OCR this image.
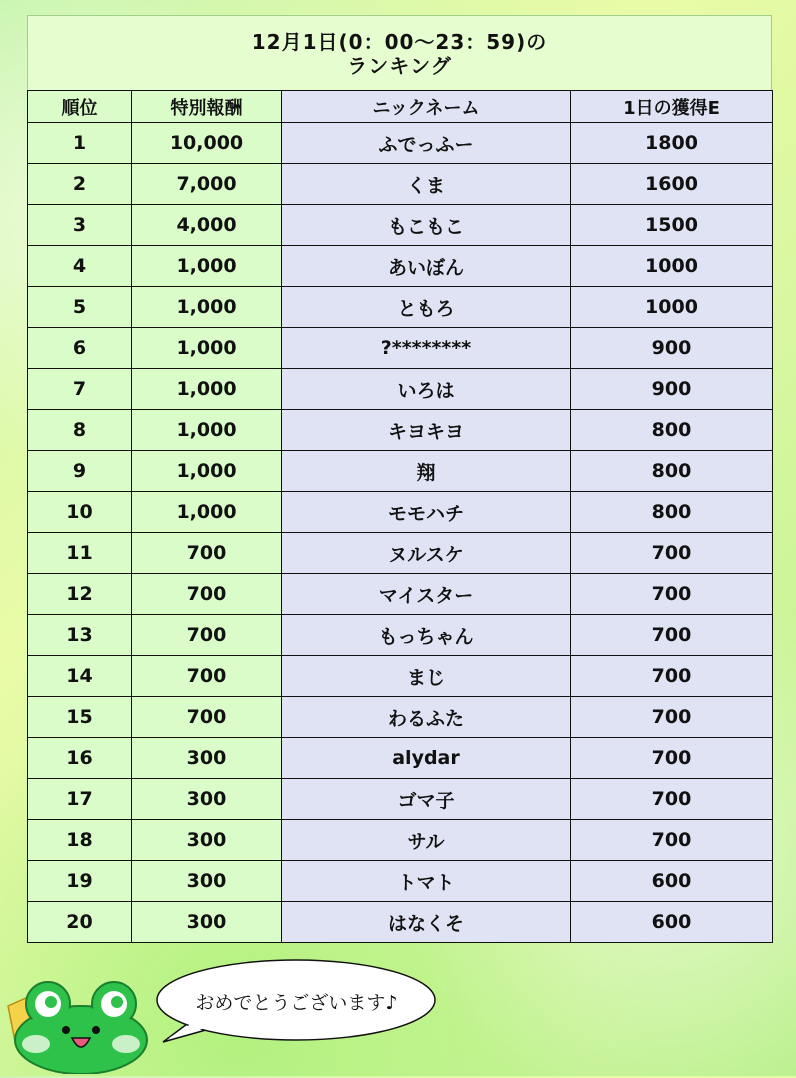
12月1日(0：00～23：59)の
ランキング
順位	特別報酬	ニックネーム	1日の獲得E
1	10,000	ふでっふー	1800
2	7,000	くま	1600
3	4,000	もこもこ	1500
4	1,000	あいぼん	1000
5	1,000	ともろ	1000
6	1,000	?********	900
7	1,000	いろは	900
8	1,000	キヨキヨ	800
9	1,000	翔	800
10	1,000	モモハチ	800
11	700	ヌルスケ	700
12	700	マイスター	700
13	700	もっちゃん	700
14	700	まじ	700
15	700	わるふた	700
16	300	alydar	700
17	300	ゴマ子	700
18	300	サル	700
19	300	トマト	600
20	300	はなくそ	600
おめでとうございます♪
